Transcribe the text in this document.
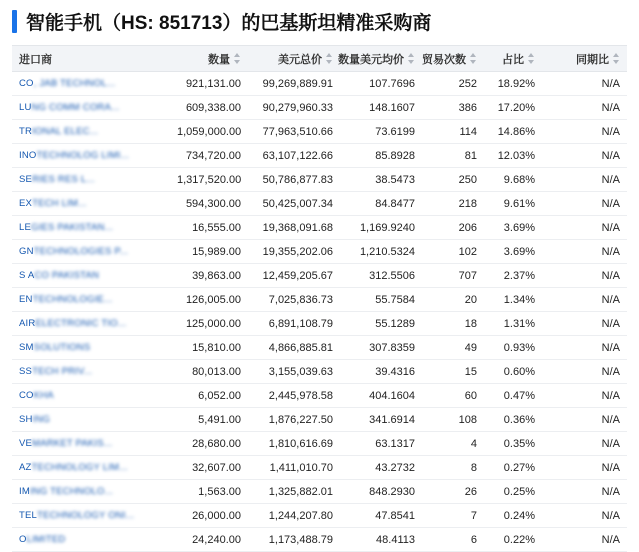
智能手机（HS: 851713）的巴基斯坦精准采购商
进口商	数量	美元总价	数量美元均价	贸易次数	占比	同期比

CO, JAB TECHNOL...	921,131.00	99,269,889.91	107.7696	252	18.92%	N/A
LUNG COMM CORA...	609,338.00	90,279,960.33	148.1607	386	17.20%	N/A
TRIONAL ELEC...	1,059,000.00	77,963,510.66	73.6199	114	14.86%	N/A
INOTECHNOLOG LIMI...	734,720.00	63,107,122.66	85.8928	81	12.03%	N/A
SERIES RES L...	1,317,520.00	50,786,877.83	38.5473	250	9.68%	N/A
EXTECH LIM...	594,300.00	50,425,007.34	84.8477	218	9.61%	N/A
LEGIES PAKISTAN...	16,555.00	19,368,091.68	1,169.9240	206	3.69%	N/A
GNTECHNOLOGIES P...	15,989.00	19,355,202.06	1,210.5324	102	3.69%	N/A
S ACO PAKISTAN	39,863.00	12,459,205.67	312.5506	707	2.37%	N/A
ENTECHNOLOGIE...	126,005.00	7,025,836.73	55.7584	20	1.34%	N/A
AIRELECTRONIC TIO...	125,000.00	6,891,108.79	55.1289	18	1.31%	N/A
SMSOLUTIONS	15,810.00	4,866,885.81	307.8359	49	0.93%	N/A
SSTECH PRIV...	80,013.00	3,155,039.63	39.4316	15	0.60%	N/A
COKHA	6,052.00	2,445,978.58	404.1604	60	0.47%	N/A
SHING	5,491.00	1,876,227.50	341.6914	108	0.36%	N/A
VEMARKET PAKIS...	28,680.00	1,810,616.69	63.1317	4	0.35%	N/A
AZTECHNOLOGY LIM...	32,607.00	1,411,010.70	43.2732	8	0.27%	N/A
IMING TECHNOLO...	1,563.00	1,325,882.01	848.2930	26	0.25%	N/A
TELTECHNOLOGY ONI...	26,000.00	1,244,207.80	47.8541	7	0.24%	N/A
OLIMITED	24,240.00	1,173,488.79	48.4113	6	0.22%	N/A
